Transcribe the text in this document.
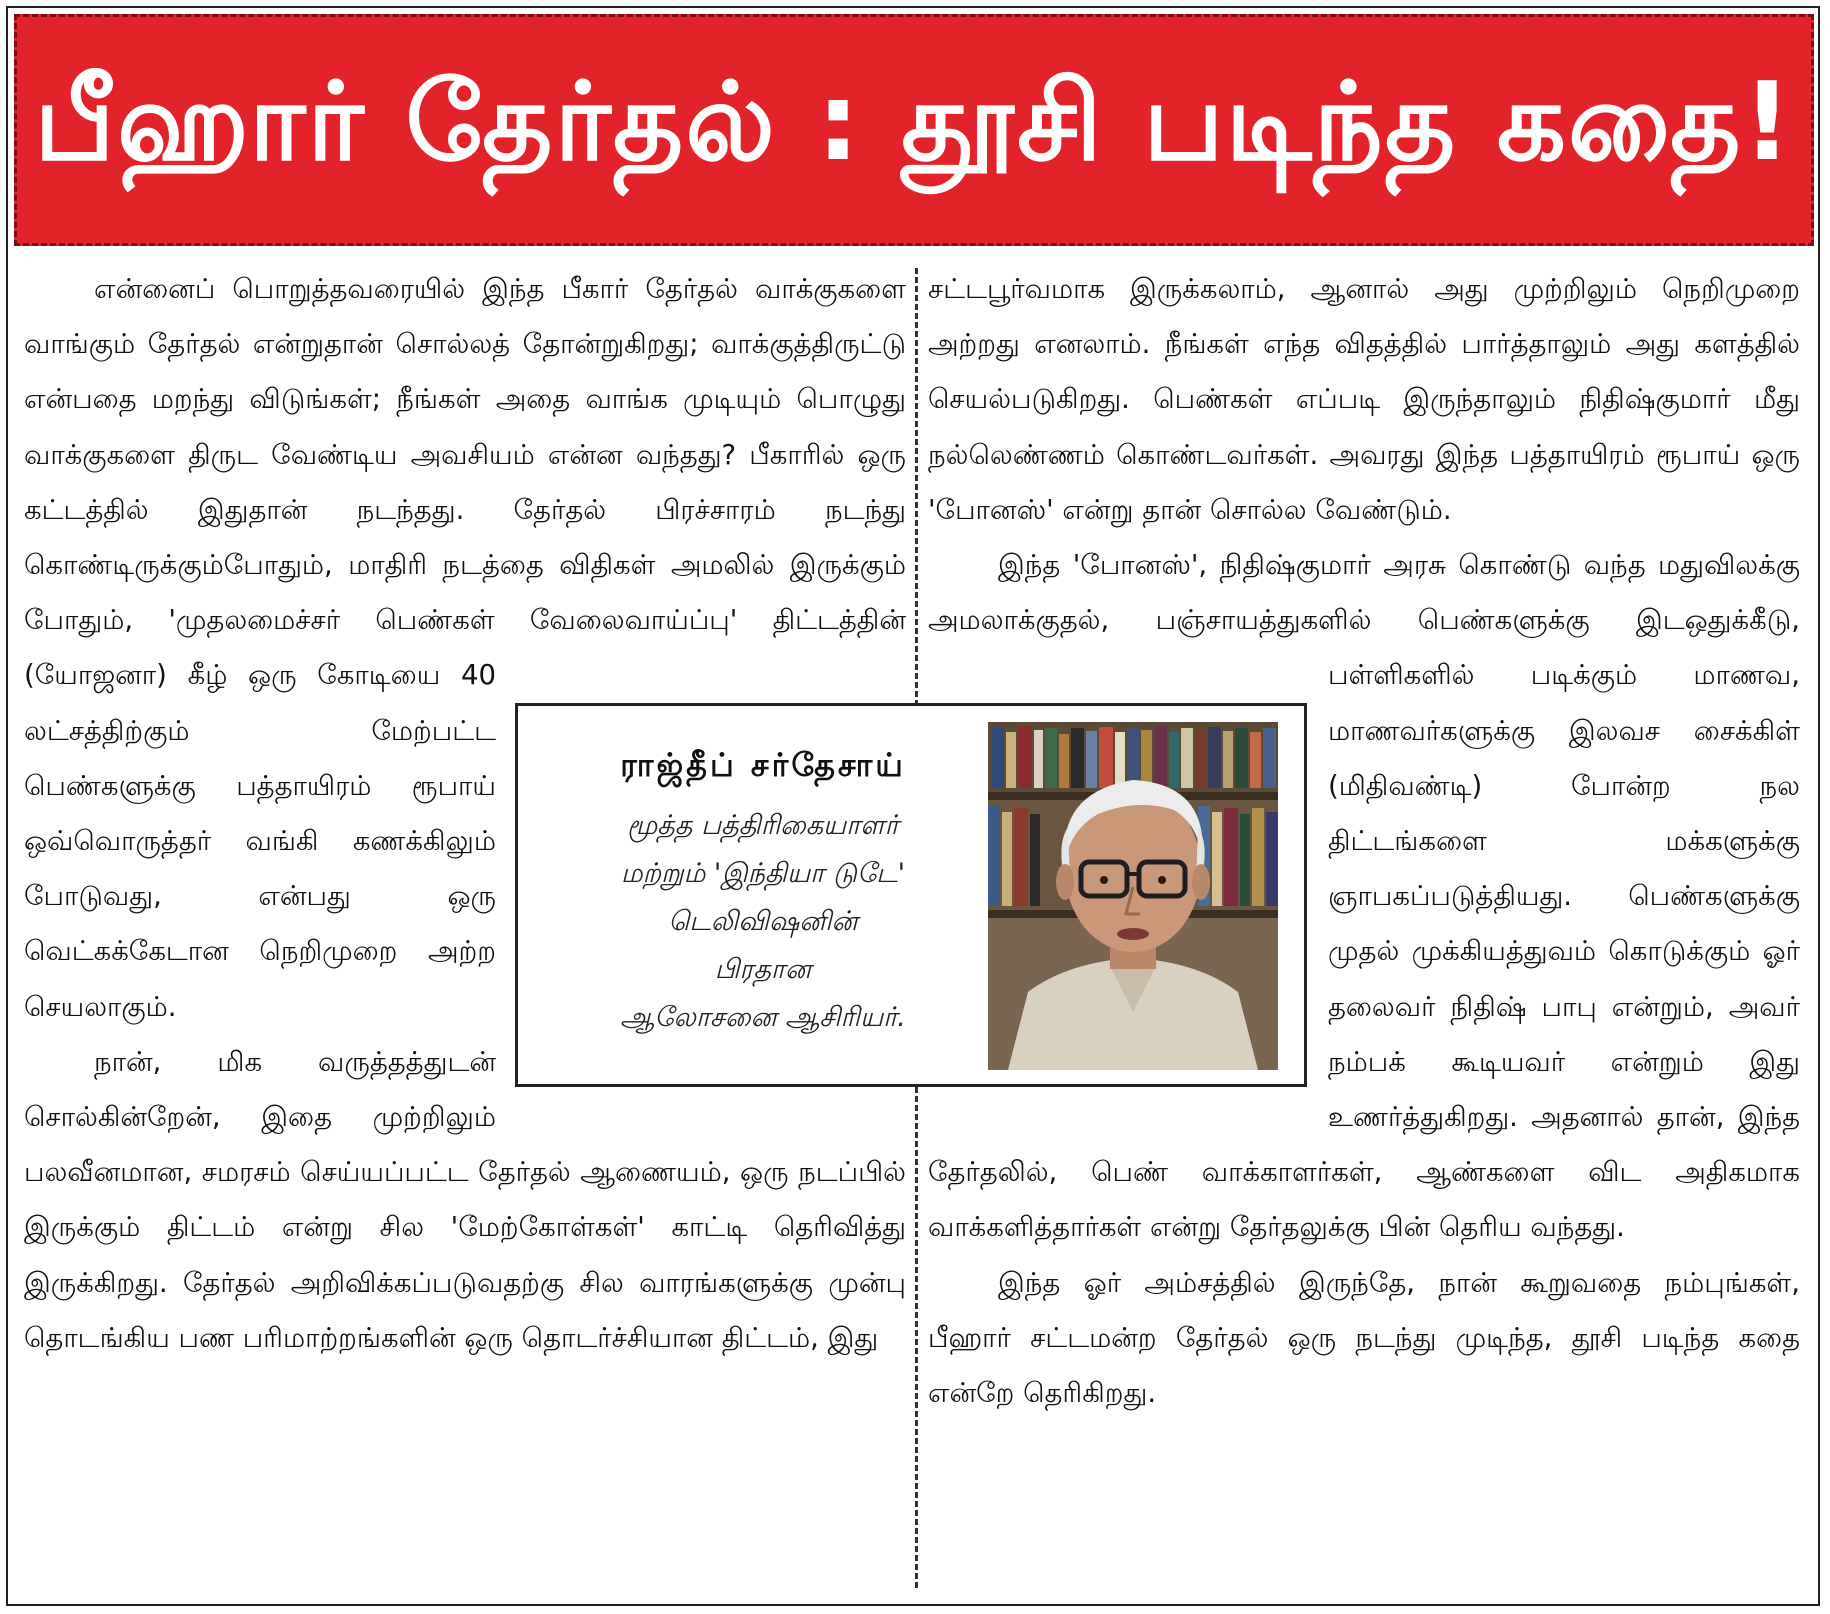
பீஹார் தேர்தல் : தூசி படிந்த கதை!

என்னைப் பொறுத்தவரையில் இந்த பீகார் தேர்தல் வாக்குகளை வாங்கும் தேர்தல் என்றுதான் சொல்லத் தோன்றுகிறது; வாக்குத்திருட்டு என்பதை மறந்து விடுங்கள்; நீங்கள் அதை வாங்க முடியும் பொழுது வாக்குகளை திருட வேண்டிய அவசியம் என்ன வந்தது? பீகாரில் ஒரு கட்டத்தில் இதுதான் நடந்தது. தேர்தல் பிரச்சாரம் நடந்து கொண்டிருக்கும்போதும், மாதிரி நடத்தை விதிகள் அமலில் இருக்கும் போதும், 'முதலமைச்சர் பெண்கள் வேலைவாய்ப்பு' திட்டத்தின் (யோஜனா) கீழ் ஒரு கோடியை 40 லட்சத்திற்கும் மேற்பட்ட பெண்களுக்கு பத்தாயிரம் ரூபாய் ஒவ்வொருத்தர் வங்கி கணக்கிலும் போடுவது, என்பது ஒரு வெட்கக்கேடான நெறிமுறை அற்ற செயலாகும்.

நான், மிக வருத்தத்துடன் சொல்கின்றேன், இதை முற்றிலும் பலவீனமான, சமரசம் செய்யப்பட்ட தேர்தல் ஆணையம், ஒரு நடப்பில் இருக்கும் திட்டம் என்று சில 'மேற்கோள்கள்' காட்டி தெரிவித்து இருக்கிறது. தேர்தல் அறிவிக்கப்படுவதற்கு சில வாரங்களுக்கு முன்பு தொடங்கிய பண பரிமாற்றங்களின் ஒரு தொடர்ச்சியான திட்டம், இது

சட்டபூர்வமாக இருக்கலாம், ஆனால் அது முற்றிலும் நெறிமுறை அற்றது எனலாம். நீங்கள் எந்த விதத்தில் பார்த்தாலும் அது களத்தில் செயல்படுகிறது. பெண்கள் எப்படி இருந்தாலும் நிதிஷ்குமார் மீது நல்லெண்ணம் கொண்டவர்கள். அவரது இந்த பத்தாயிரம் ரூபாய் ஒரு 'போனஸ்' என்று தான் சொல்ல வேண்டும்.

இந்த 'போனஸ்', நிதிஷ்குமார் அரசு கொண்டு வந்த மதுவிலக்கு அமலாக்குதல், பஞ்சாயத்துகளில் பெண்களுக்கு இடஒதுக்கீடு, பள்ளிகளில் படிக்கும் மாணவ, மாணவர்களுக்கு இலவச சைக்கிள் (மிதிவண்டி) போன்ற நல திட்டங்களை மக்களுக்கு ஞாபகப்படுத்தியது. பெண்களுக்கு முதல் முக்கியத்துவம் கொடுக்கும் ஓர் தலைவர் நிதிஷ் பாபு என்றும், அவர் நம்பக் கூடியவர் என்றும் இது உணர்த்துகிறது. அதனால் தான், இந்த தேர்தலில், பெண் வாக்காளர்கள், ஆண்களை விட அதிகமாக வாக்களித்தார்கள் என்று தேர்தலுக்கு பின் தெரிய வந்தது.

இந்த ஓர் அம்சத்தில் இருந்தே, நான் கூறுவதை நம்புங்கள், பீஹார் சட்டமன்ற தேர்தல் ஒரு நடந்து முடிந்த, தூசி படிந்த கதை என்றே தெரிகிறது.

ராஜ்தீப் சர்தேசாய்
மூத்த பத்திரிகையாளர்
மற்றும் 'இந்தியா டுடே'
டெலிவிஷனின்
பிரதான
ஆலோசனை ஆசிரியர்.
